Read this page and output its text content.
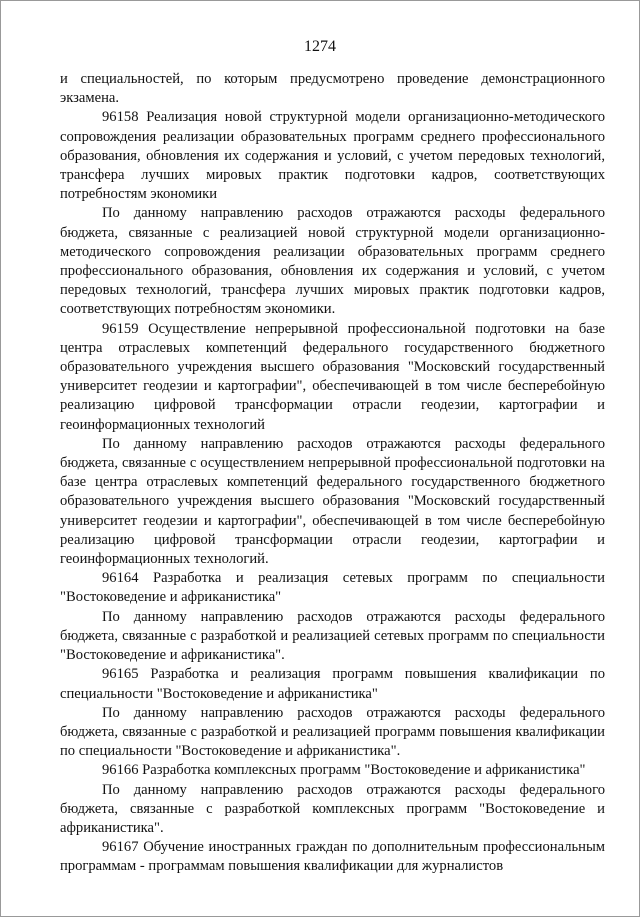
1274

и специальностей, по которым предусмотрено проведение демонстрационного экзамена.

96158 Реализация новой структурной модели организационно-методического сопровождения реализации образовательных программ среднего профессионального образования, обновления их содержания и условий, с учетом передовых технологий, трансфера лучших мировых практик подготовки кадров, соответствующих потребностям экономики

По данному направлению расходов отражаются расходы федерального бюджета, связанные с реализацией новой структурной модели организационно-методического сопровождения реализации образовательных программ среднего профессионального образования, обновления их содержания и условий, с учетом передовых технологий, трансфера лучших мировых практик подготовки кадров, соответствующих потребностям экономики.

96159 Осуществление непрерывной профессиональной подготовки на базе центра отраслевых компетенций федерального государственного бюджетного образовательного учреждения высшего образования "Московский государственный университет геодезии и картографии", обеспечивающей в том числе бесперебойную реализацию цифровой трансформации отрасли геодезии, картографии и геоинформационных технологий

По данному направлению расходов отражаются расходы федерального бюджета, связанные с осуществлением непрерывной профессиональной подготовки на базе центра отраслевых компетенций федерального государственного бюджетного образовательного учреждения высшего образования "Московский государственный университет геодезии и картографии", обеспечивающей в том числе бесперебойную реализацию цифровой трансформации отрасли геодезии, картографии и геоинформационных технологий.

96164 Разработка и реализация сетевых программ по специальности "Востоковедение и африканистика"

По данному направлению расходов отражаются расходы федерального бюджета, связанные с разработкой и реализацией сетевых программ по специальности "Востоковедение и африканистика".

96165 Разработка и реализация программ повышения квалификации по специальности "Востоковедение и африканистика"

По данному направлению расходов отражаются расходы федерального бюджета, связанные с разработкой и реализацией программ повышения квалификации по специальности "Востоковедение и африканистика".

96166 Разработка комплексных программ "Востоковедение и африканистика"

По данному направлению расходов отражаются расходы федерального бюджета, связанные с разработкой комплексных программ "Востоковедение и африканистика".

96167 Обучение иностранных граждан по дополнительным профессиональным программам - программам повышения квалификации для журналистов
